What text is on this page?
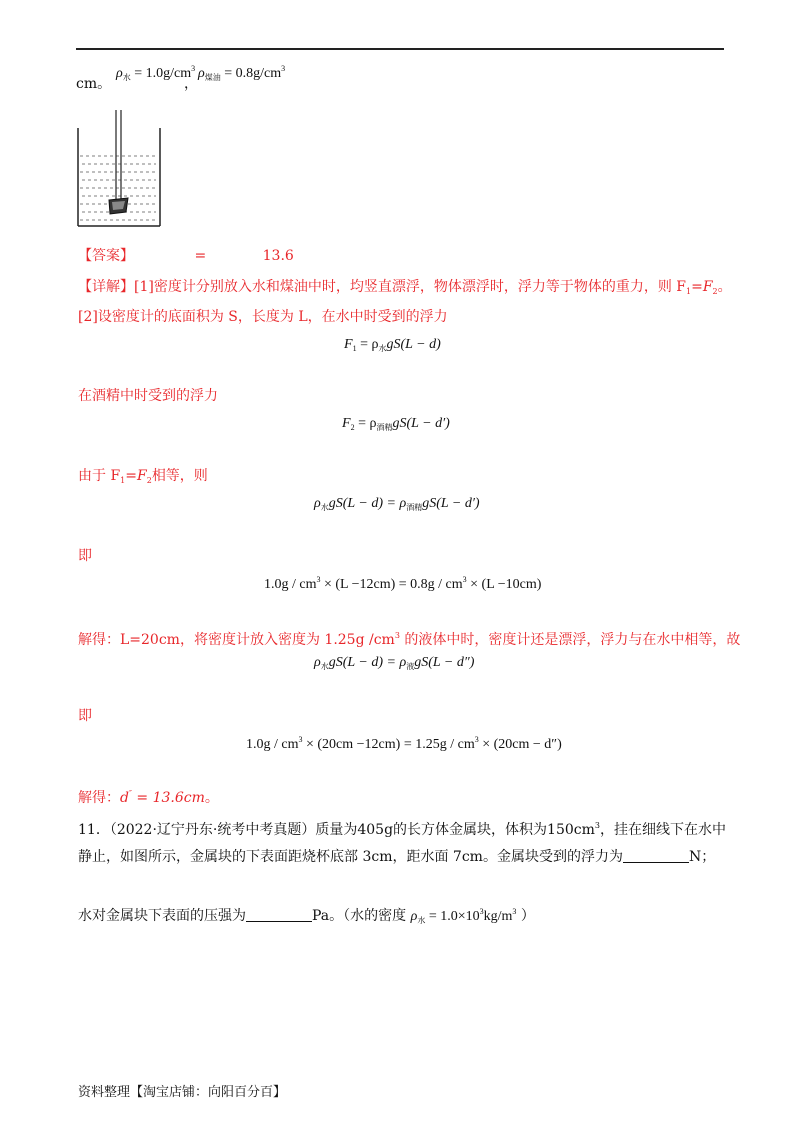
cm。
$\rho_水 = 1.0g/cm^3$
，
$\rho_{煤油} = 0.8g/cm^3$
【答案】	=	13.6
【详解】[1]密度计分别放入水和煤油中时，均竖直漂浮，物体漂浮时，浮力等于物体的重力，则 $F_1=F_2$。
[2]设密度计的底面积为 S，长度为 L，在水中时受到的浮力
$F_1 = \rho_水gS(L - d)$
在酒精中时受到的浮力
$F_2 = \rho_{酒精}gS(L - d')$
由于 $F_1=F_2$相等，则
$\rho_水gS(L - d) = \rho_{酒精}gS(L - d')$
即
$1.0g / cm^3 \times (L -12cm) = 0.8g / cm^3 \times (L -10cm)$
解得：L=20cm，将密度计放入密度为 1.25g $/cm^3$ 的液体中时，密度计还是漂浮，浮力与在水中相等，故
$\rho_水gS(L - d) = \rho_液gS(L - d'')$
即
$1.0g / cm^3 \times (20cm -12cm) = 1.25g / cm^3 \times (20cm - d'')$
解得：d″ = 13.6cm。
11．（2022·辽宁丹东·统考中考真题）质量为405g的长方体金属块，体积为$150cm^3$，挂在细线下在水中
静止，如图所示，金属块的下表面距烧杯底部 3cm，距水面 7cm。金属块受到的浮力为	N；
水对金属块下表面的压强为	Pa。（水的密度 $\rho_水 = 1.0\times 10^3kg/m^3$ ）
资料整理【淘宝店铺：向阳百分百】
